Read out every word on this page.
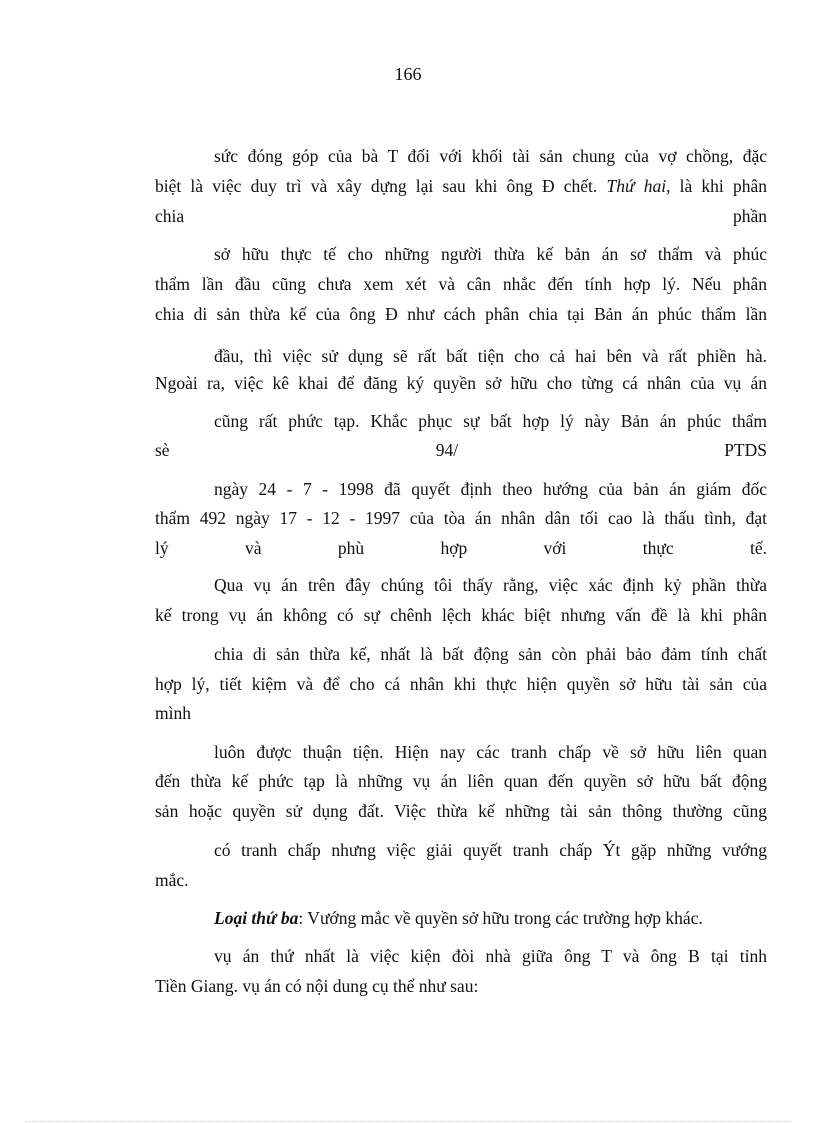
166
sức đóng góp của bà T đối với khối tài sản chung của vợ chồng, đặc
biệt là việc duy trì và xây dựng lại sau khi ông Đ chết. Thứ hai, là khi phân
chia	phần
sở hữu thực tế cho những người thừa kế bản án sơ thẩm và phúc
thẩm lần đầu cũng chưa xem xét và cân nhắc đến tính hợp lý. Nếu phân
chia di sản thừa kế của ông Đ như cách phân chia tại Bản án phúc thẩm lần
đầu, thì việc sử dụng sẽ rất bất tiện cho cả hai bên và rất phiền hà.
Ngoài ra, việc kê khai để đăng ký quyền sở hữu cho từng cá nhân của vụ án
cũng rất phức tạp. Khắc phục sự bất hợp lý này Bản án phúc thẩm
sè	94/	PTDS
ngày 24 - 7 - 1998 đã quyết định theo hướng của bản án giám đốc
thẩm 492 ngày 17 - 12 - 1997 của tòa án nhân dân tối cao là thấu tình, đạt
lý	và	phù	hợp	với	thực	tế.
Qua vụ án trên đây chúng tôi thấy rằng, việc xác định kỷ phần thừa
kế trong vụ án không có sự chênh lệch khác biệt nhưng vấn đề là khi phân
chia di sản thừa kế, nhất là bất động sản còn phải bảo đảm tính chất
hợp lý, tiết kiệm và để cho cá nhân khi thực hiện quyền sở hữu tài sản của
mình
luôn được thuận tiện. Hiện nay các tranh chấp về sở hữu liên quan
đến thừa kế phức tạp là những vụ án liên quan đến quyền sở hữu bất động
sản hoặc quyền sử dụng đất. Việc thừa kế những tài sản thông thường cũng
có tranh chấp nhưng việc giải quyết tranh chấp Ýt gặp những vướng
mắc.
Loại thứ ba: Vướng mắc về quyền sở hữu trong các trường hợp khác.
vụ án thứ nhất là việc kiện đòi nhà giữa ông T và ông B tại tỉnh
Tiền Giang. vụ án có nội dung cụ thể như sau:
